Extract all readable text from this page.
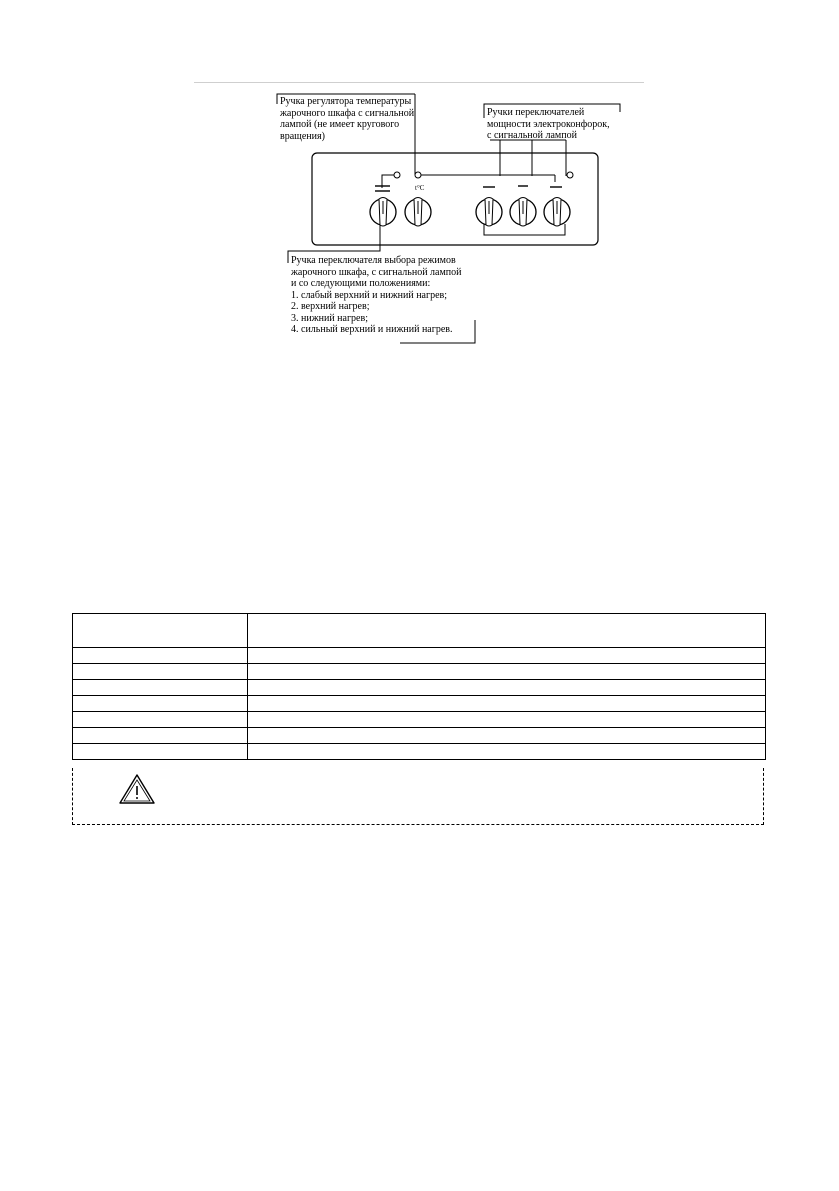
Ручка регулятора температуры
жарочного шкафа с сигнальной
лампой (не имеет кругового
вращения)
Ручки переключателей
мощности электроконфорок,
с сигнальной лампой
Ручка переключателя выбора режимов
жарочного шкафа, с сигнальной лампой
и со следующими положениями:
1. слабый верхний и нижний нагрев;
2. верхний нагрев;
3. нижний нагрев;
4. сильный верхний и нижний нагрев.
t°C
